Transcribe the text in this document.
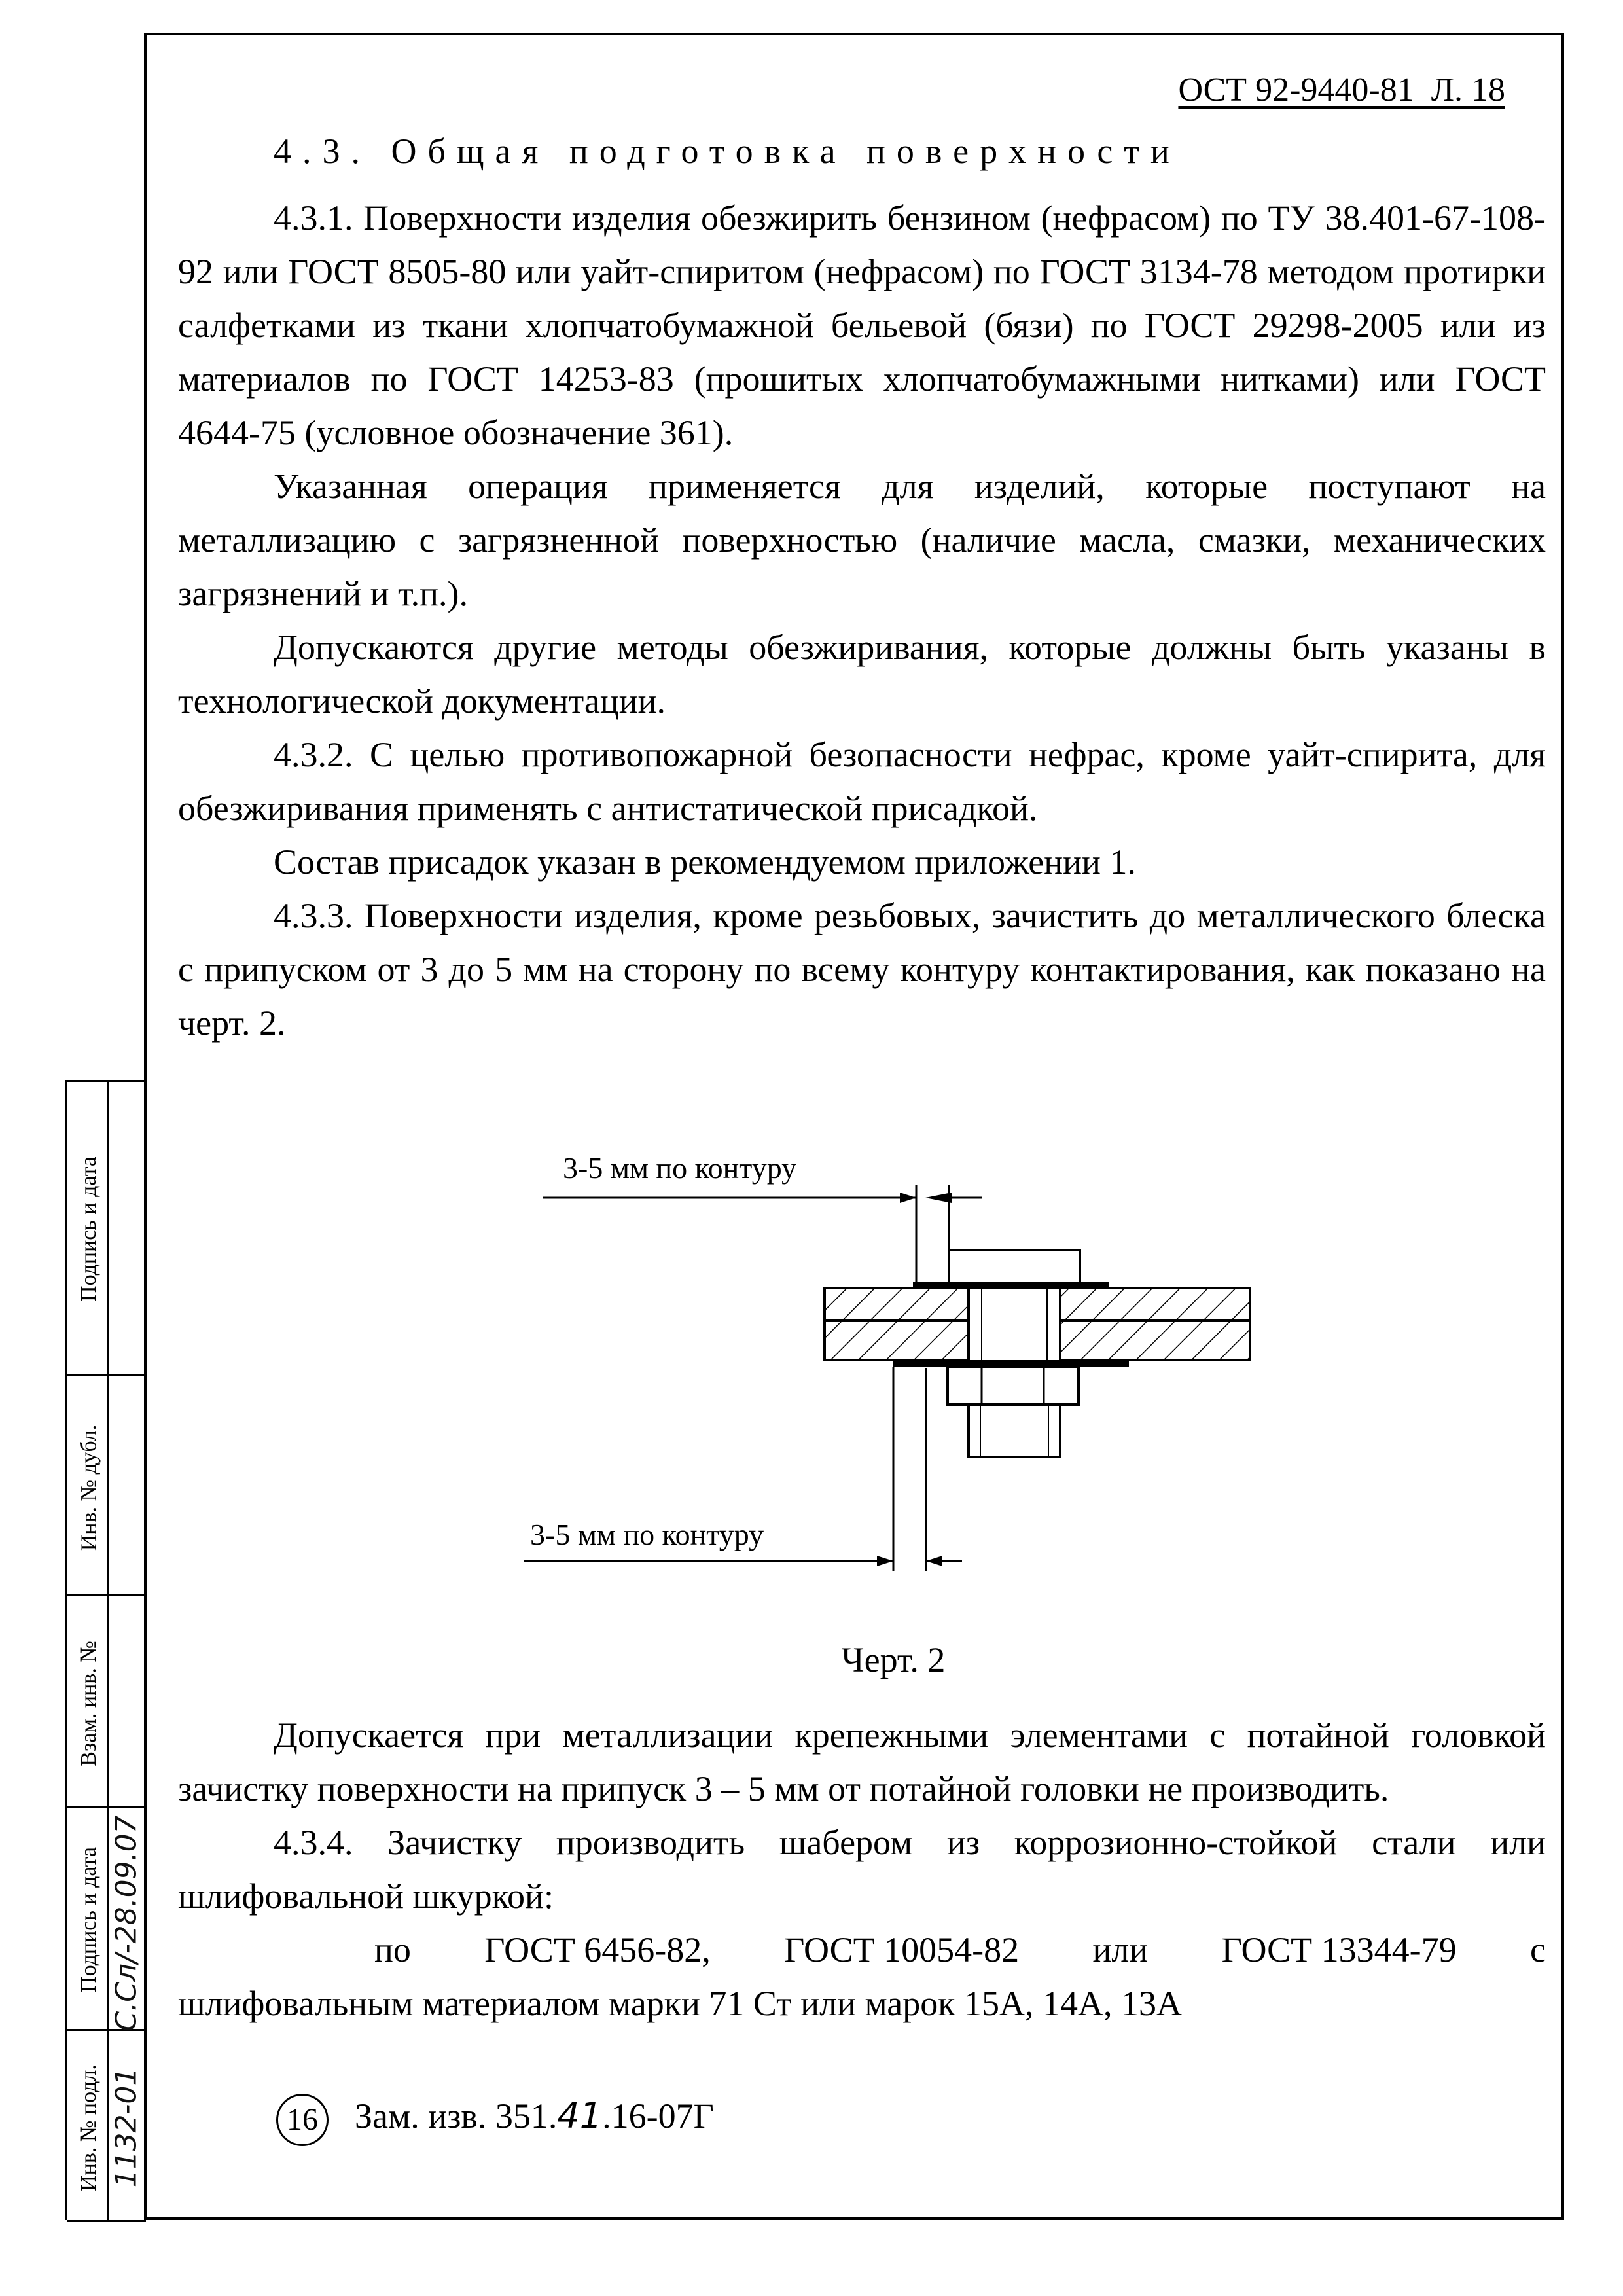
ОСТ 92-9440-81 Л. 18

4.3. Общая подготовка поверхности

4.3.1. Поверхности изделия обезжирить бензином (нефрасом) по ТУ 38.401-67-108-92 или ГОСТ 8505-80 или уайт-спиритом (нефрасом) по ГОСТ 3134-78 методом протирки салфетками из ткани хлопчатобумажной бельевой (бязи) по ГОСТ 29298-2005 или из материалов по ГОСТ 14253-83 (прошитых хлопчатобумажными нитками) или ГОСТ 4644-75 (условное обозначение 361).

Указанная операция применяется для изделий, которые поступают на металлизацию с загрязненной поверхностью (наличие масла, смазки, механических загрязнений и т.п.).

Допускаются другие методы обезжиривания, которые должны быть указаны в технологической документации.

4.3.2. С целью противопожарной безопасности нефрас, кроме уайт-спирита, для обезжиривания применять с антистатической присадкой.

Состав присадок указан в рекомендуемом приложении 1.

4.3.3. Поверхности изделия, кроме резьбовых, зачистить до металлического блеска с припуском от 3 до 5 мм на сторону по всему контуру контактирования, как показано на черт. 2.

3-5 мм по контуру
3-5 мм по контуру
Черт. 2

Допускается при металлизации крепежными элементами с потайной головкой зачистку поверхности на припуск 3 – 5 мм от потайной головки не производить.

4.3.4. Зачистку производить шабером из коррозионно-стойкой стали или шлифовальной шкуркой:

по ГОСТ 6456-82, ГОСТ 10054-82 или ГОСТ 13344-79 с

шлифовальным материалом марки 71 Ст или марок 15А, 14А, 13А

16 Зам. изв. 351.41.16-07Г
Подпись и дата
Инв. № дубл.
Взам. инв. №
Подпись и дата
Инв. № подл.
С.Сл/-28.09.07
1132-01
